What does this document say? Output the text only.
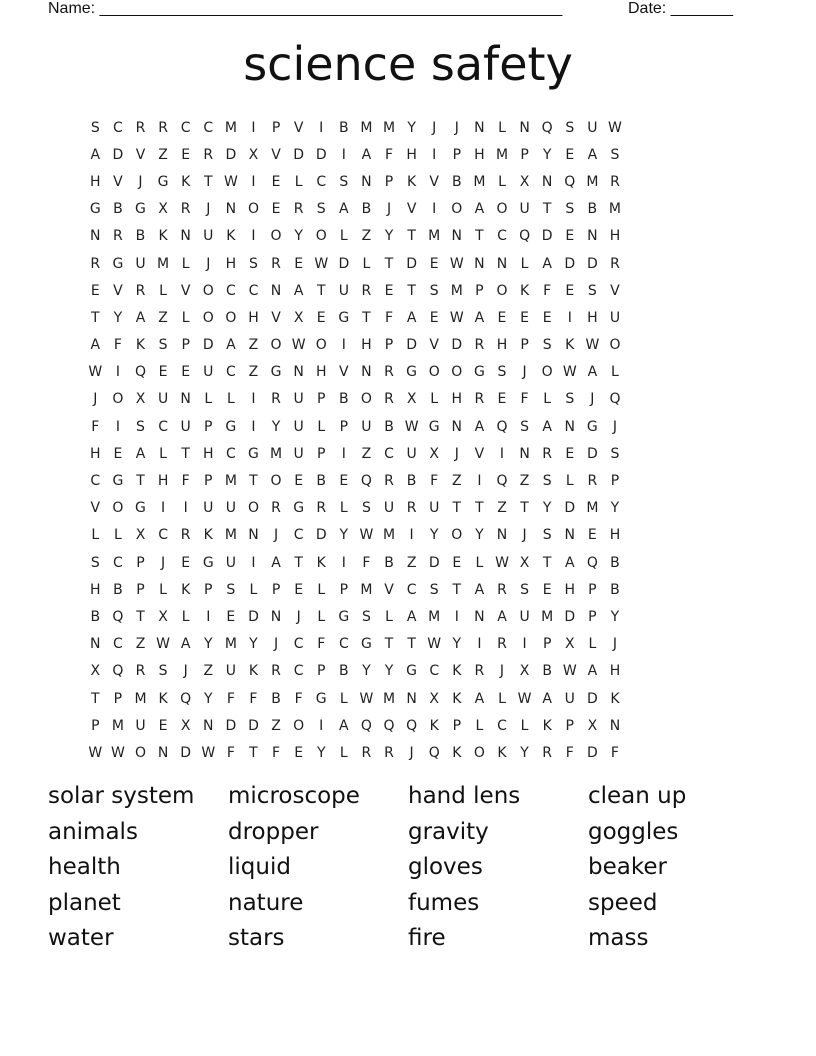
Name: ____________________________________________________	Date: _______
science safety
S	C	R	R	C	C	M	I	P	V	I	B	M	M	Y	J	J	N	L	N	Q	S	U	W
A	D	V	Z	E	R	D	X	V	D	D	I	A	F	H	I	P	H	M	P	Y	E	A	S
H	V	J	G	K	T	W	I	E	L	C	S	N	P	K	V	B	M	L	X	N	Q	M	R
G	B	G	X	R	J	N	O	E	R	S	A	B	J	V	I	O	A	O	U	T	S	B	M
N	R	B	K	N	U	K	I	O	Y	O	L	Z	Y	T	M	N	T	C	Q	D	E	N	H
R	G	U	M	L	J	H	S	R	E	W	D	L	T	D	E	W	N	N	L	A	D	D	R
E	V	R	L	V	O	C	C	N	A	T	U	R	E	T	S	M	P	O	K	F	E	S	V
T	Y	A	Z	L	O	O	H	V	X	E	G	T	F	A	E	W	A	E	E	E	I	H	U
A	F	K	S	P	D	A	Z	O	W	O	I	H	P	D	V	D	R	H	P	S	K	W	O
W	I	Q	E	E	U	C	Z	G	N	H	V	N	R	G	O	O	G	S	J	O	W	A	L
J	O	X	U	N	L	L	I	R	U	P	B	O	R	X	L	H	R	E	F	L	S	J	Q
F	I	S	C	U	P	G	I	Y	U	L	P	U	B	W	G	N	A	Q	S	A	N	G	J
H	E	A	L	T	H	C	G	M	U	P	I	Z	C	U	X	J	V	I	N	R	E	D	S
C	G	T	H	F	P	M	T	O	E	B	E	Q	R	B	F	Z	I	Q	Z	S	L	R	P
V	O	G	I	I	U	U	O	R	G	R	L	S	U	R	U	T	T	Z	T	Y	D	M	Y
L	L	X	C	R	K	M	N	J	C	D	Y	W	M	I	Y	O	Y	N	J	S	N	E	H
S	C	P	J	E	G	U	I	A	T	K	I	F	B	Z	D	E	L	W	X	T	A	Q	B
H	B	P	L	K	P	S	L	P	E	L	P	M	V	C	S	T	A	R	S	E	H	P	B
B	Q	T	X	L	I	E	D	N	J	L	G	S	L	A	M	I	N	A	U	M	D	P	Y
N	C	Z	W	A	Y	M	Y	J	C	F	C	G	T	T	W	Y	I	R	I	P	X	L	J
X	Q	R	S	J	Z	U	K	R	C	P	B	Y	Y	G	C	K	R	J	X	B	W	A	H
T	P	M	K	Q	Y	F	F	B	F	G	L	W	M	N	X	K	A	L	W	A	U	D	K
P	M	U	E	X	N	D	D	Z	O	I	A	Q	Q	Q	K	P	L	C	L	K	P	X	N
W	W	O	N	D	W	F	T	F	E	Y	L	R	R	J	Q	K	O	K	Y	R	F	D	F
solar system	microscope	hand lens	clean up
animals	dropper	gravity	goggles
health	liquid	gloves	beaker
planet	nature	fumes	speed
water	stars	fire	mass
